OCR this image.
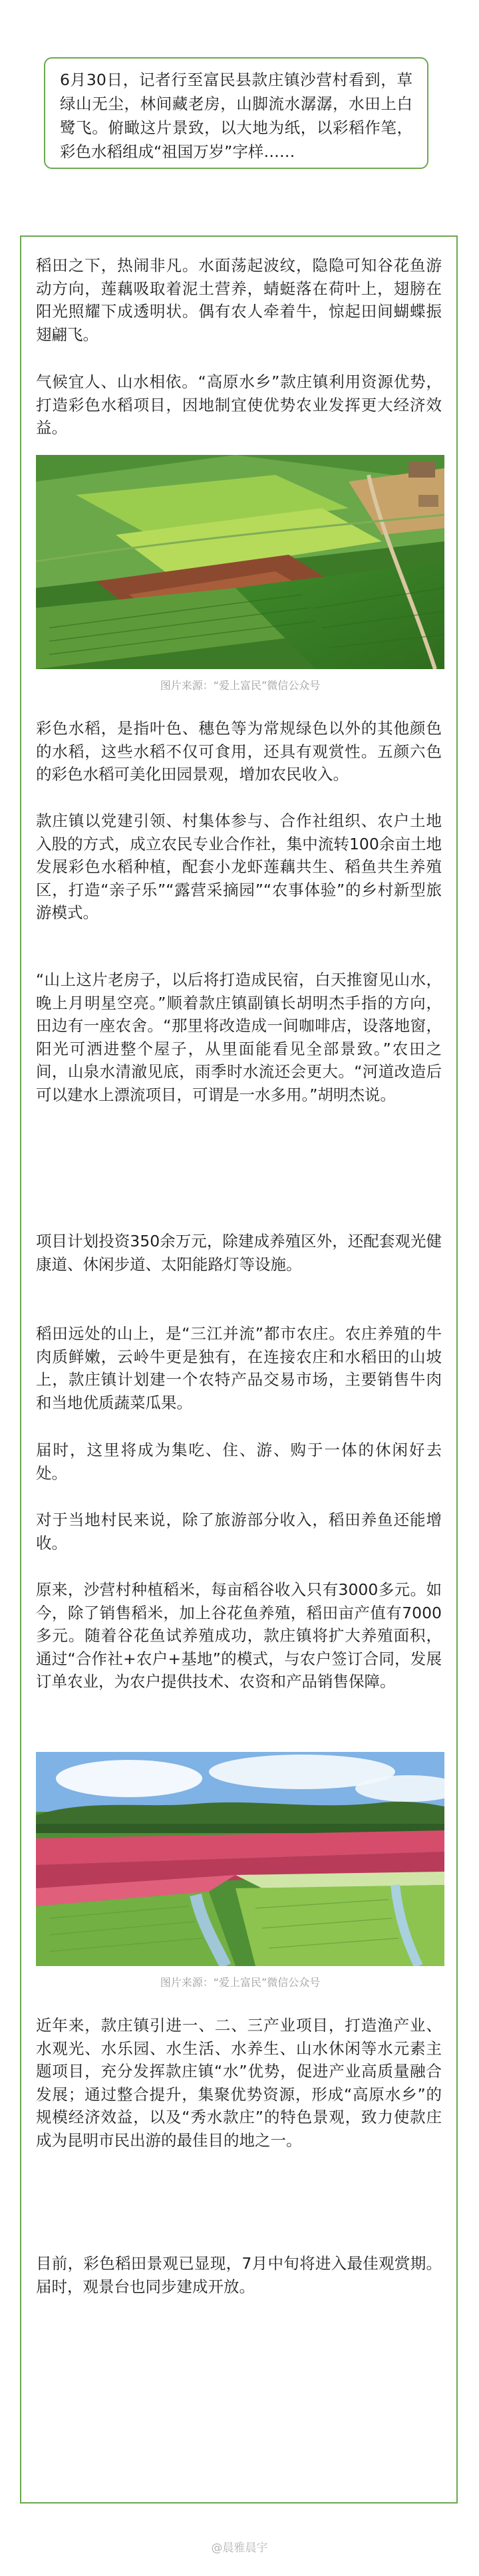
6月30日，记者行至富民县款庄镇沙营村看到，草绿山无尘，林间藏老房，山脚流水潺潺，水田上白鹭飞。俯瞰这片景致，以大地为纸，以彩稻作笔，彩色水稻组成“祖国万岁”字样……

稻田之下，热闹非凡。水面荡起波纹，隐隐可知谷花鱼游动方向，莲藕吸取着泥土营养，蜻蜓落在荷叶上，翅膀在阳光照耀下成透明状。偶有农人牵着牛，惊起田间蝴蝶振翅翩飞。

气候宜人、山水相依。“高原水乡”款庄镇利用资源优势，打造彩色水稻项目，因地制宜使优势农业发挥更大经济效益。

图片来源：“爱上富民”微信公众号

彩色水稻，是指叶色、穗色等为常规绿色以外的其他颜色的水稻，这些水稻不仅可食用，还具有观赏性。五颜六色的彩色水稻可美化田园景观，增加农民收入。

款庄镇以党建引领、村集体参与、合作社组织、农户土地入股的方式，成立农民专业合作社，集中流转100余亩土地发展彩色水稻种植，配套小龙虾莲藕共生、稻鱼共生养殖区，打造“亲子乐”“露营采摘园”“农事体验”的乡村新型旅游模式。

“山上这片老房子，以后将打造成民宿，白天推窗见山水，晚上月明星空亮。”顺着款庄镇副镇长胡明杰手指的方向，田边有一座农舍。“那里将改造成一间咖啡店，设落地窗，阳光可洒进整个屋子，从里面能看见全部景致。”农田之间，山泉水清澈见底，雨季时水流还会更大。“河道改造后可以建水上漂流项目，可谓是一水多用。”胡明杰说。

项目计划投资350余万元，除建成养殖区外，还配套观光健康道、休闲步道、太阳能路灯等设施。

稻田远处的山上，是“三江并流”都市农庄。农庄养殖的牛肉质鲜嫩，云岭牛更是独有，在连接农庄和水稻田的山坡上，款庄镇计划建一个农特产品交易市场，主要销售牛肉和当地优质蔬菜瓜果。

届时，这里将成为集吃、住、游、购于一体的休闲好去处。

对于当地村民来说，除了旅游部分收入，稻田养鱼还能增收。

原来，沙营村种植稻米，每亩稻谷收入只有3000多元。如今，除了销售稻米，加上谷花鱼养殖，稻田亩产值有7000多元。随着谷花鱼试养殖成功，款庄镇将扩大养殖面积，通过“合作社+农户+基地”的模式，与农户签订合同，发展订单农业，为农户提供技术、农资和产品销售保障。

图片来源：“爱上富民”微信公众号

近年来，款庄镇引进一、二、三产业项目，打造渔产业、水观光、水乐园、水生活、水养生、山水休闲等水元素主题项目，充分发挥款庄镇“水”优势，促进产业高质量融合发展；通过整合提升，集聚优势资源，形成“高原水乡”的规模经济效益，以及“秀水款庄”的特色景观，致力使款庄成为昆明市民出游的最佳目的地之一。

目前，彩色稻田景观已显现，7月中旬将进入最佳观赏期。届时，观景台也同步建成开放。

@晨雅晨宇
